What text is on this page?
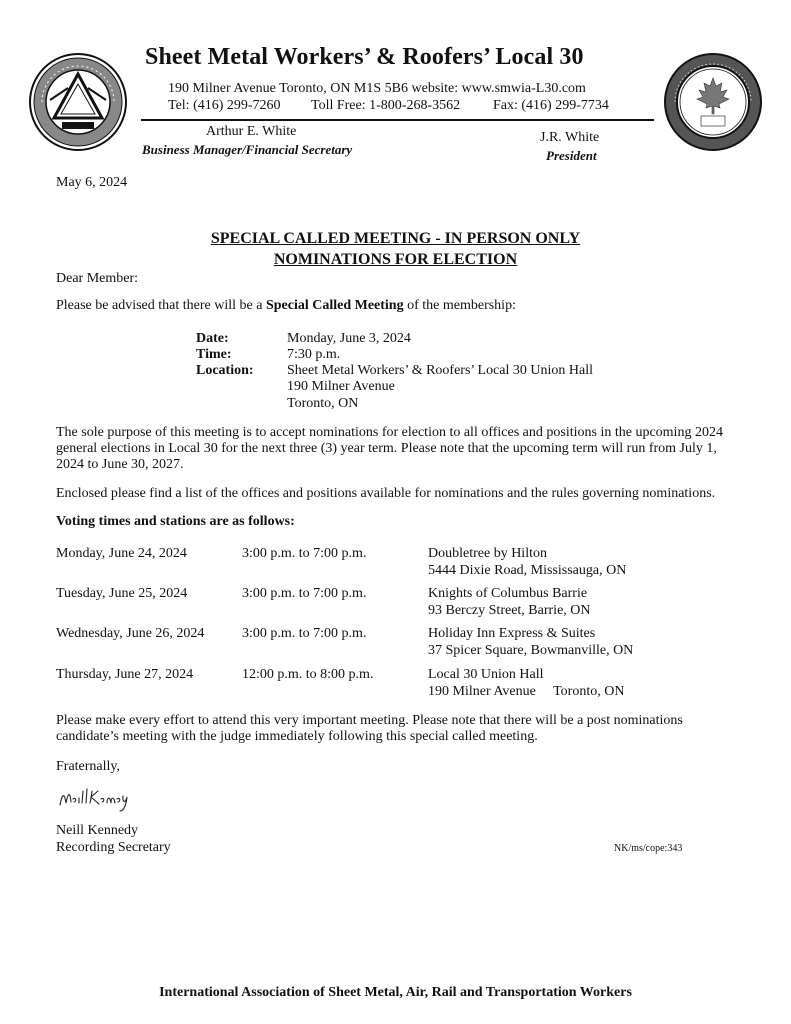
Sheet Metal Workers’ & Roofers’ Local 30
190 Milner Avenue Toronto, ON M1S 5B6 website: www.smwia-L30.com
Tel: (416) 299-7260 Toll Free: 1-800-268-3562 Fax: (416) 299-7734
Arthur E. White
Business Manager/Financial Secretary
J.R. White
President
May 6, 2024
SPECIAL CALLED MEETING - IN PERSON ONLY
NOMINATIONS FOR ELECTION
Dear Member:
Please be advised that there will be a Special Called Meeting of the membership:
Date:	Monday, June 3, 2024
Time:	7:30 p.m.
Location: Sheet Metal Workers’ & Roofers’ Local 30 Union Hall
190 Milner Avenue
Toronto, ON
The sole purpose of this meeting is to accept nominations for election to all offices and positions in the upcoming 2024
general elections in Local 30 for the next three (3) year term. Please note that the upcoming term will run from July 1,
2024 to June 30, 2027.
Enclosed please find a list of the offices and positions available for nominations and the rules governing nominations.
Voting times and stations are as follows:
Monday, June 24, 2024	3:00 p.m. to 7:00 p.m.	Doubletree by Hilton
5444 Dixie Road, Mississauga, ON
Tuesday, June 25, 2024	3:00 p.m. to 7:00 p.m.	Knights of Columbus Barrie
93 Berczy Street, Barrie, ON
Wednesday, June 26, 2024	3:00 p.m. to 7:00 p.m.	Holiday Inn Express & Suites
37 Spicer Square, Bowmanville, ON
Thursday, June 27, 2024	12:00 p.m. to 8:00 p.m.	Local 30 Union Hall
190 Milner Avenue     Toronto, ON
Please make every effort to attend this very important meeting. Please note that there will be a post nominations
candidate’s meeting with the judge immediately following this special called meeting.
Fraternally,
Neill Kennedy
Recording Secretary	NK/ms/cope:343
International Association of Sheet Metal, Air, Rail and Transportation Workers
